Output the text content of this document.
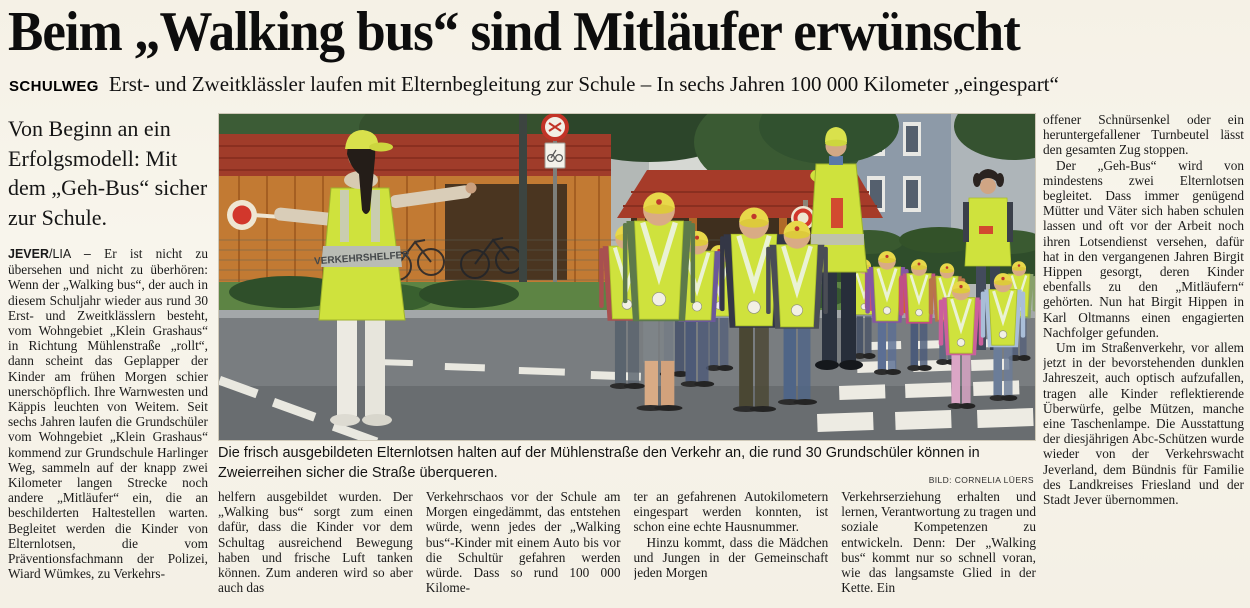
Beim „Walking bus“ sind Mitläufer erwünscht
SCHULWEG Erst- und Zweitklässler laufen mit Elternbegleitung zur Schule – In sechs Jahren 100 000 Kilometer „eingespart“

Von Beginn an ein Erfolgsmodell: Mit dem „Geh-Bus“ sicher zur Schule.

JEVER/LIA – Er ist nicht zu übersehen und nicht zu überhören: Wenn der „Walking bus“, der auch in diesem Schuljahr wieder aus rund 30 Erst- und Zweitklässlern besteht, vom Wohngebiet „Klein Grashaus“ in Richtung Mühlenstraße „rollt“, dann scheint das Geplapper der Kinder am frühen Morgen schier unerschöpflich. Ihre Warnwesten und Käppis leuchten von Weitem. Seit sechs Jahren laufen die Grundschüler vom Wohngebiet „Klein Grashaus“ kommend zur Grundschule Harlinger Weg, sammeln auf der knapp zwei Kilometer langen Strecke noch andere „Mitläufer“ ein, die an beschilderten Haltestellen warten. Begleitet werden die Kinder von Elternlotsen, die vom Präventionsfachmann der Polizei, Wiard Wümkes, zu Verkehrs-
VERKEHRSHELFER

Die frisch ausgebildeten Elternlotsen halten auf der Mühlenstraße den Verkehr an, die rund 30 Grundschüler können in Zweierreihen sicher die Straße überqueren.	BILD: CORNELIA LÜERS

helfern ausgebildet wurden. Der „Walking bus“ sorgt zum einen dafür, dass die Kinder vor dem Schultag ausreichend Bewegung haben und frische Luft tanken können. Zum anderen wird so aber auch das

Verkehrschaos vor der Schule am Morgen eingedämmt, das entstehen würde, wenn jedes der „Walking bus“-Kinder mit einem Auto bis vor die Schultür gefahren werden würde. Dass so rund 100 000 Kilome-

ter an gefahrenen Autokilometern eingespart werden konnten, ist schon eine echte Hausnummer.

Hinzu kommt, dass die Mädchen und Jungen in der Gemeinschaft jeden Morgen

Verkehrserziehung erhalten und lernen, Verantwortung zu tragen und soziale Kompetenzen zu entwickeln. Denn: Der „Walking bus“ kommt nur so schnell voran, wie das langsamste Glied in der Kette. Ein

offener Schnürsenkel oder ein heruntergefallener Turnbeutel lässt den gesamten Zug stoppen.

Der „Geh-Bus“ wird von mindestens zwei Elternlotsen begleitet. Dass immer genügend Mütter und Väter sich haben schulen lassen und oft vor der Arbeit noch ihren Lotsendienst versehen, dafür hat in den vergangenen Jahren Birgit Hippen gesorgt, deren Kinder ebenfalls zu den „Mitläufern“ gehörten. Nun hat Birgit Hippen in Karl Oltmanns einen engagierten Nachfolger gefunden.

Um im Straßenverkehr, vor allem jetzt in der bevorstehenden dunklen Jahreszeit, auch optisch aufzufallen, tragen alle Kinder reflektierende Überwürfe, gelbe Mützen, manche eine Taschenlampe. Die Ausstattung der diesjährigen Abc-Schützen wurde wieder von der Verkehrswacht Jeverland, dem Bündnis für Familie des Landkreises Friesland und der Stadt Jever übernommen.
